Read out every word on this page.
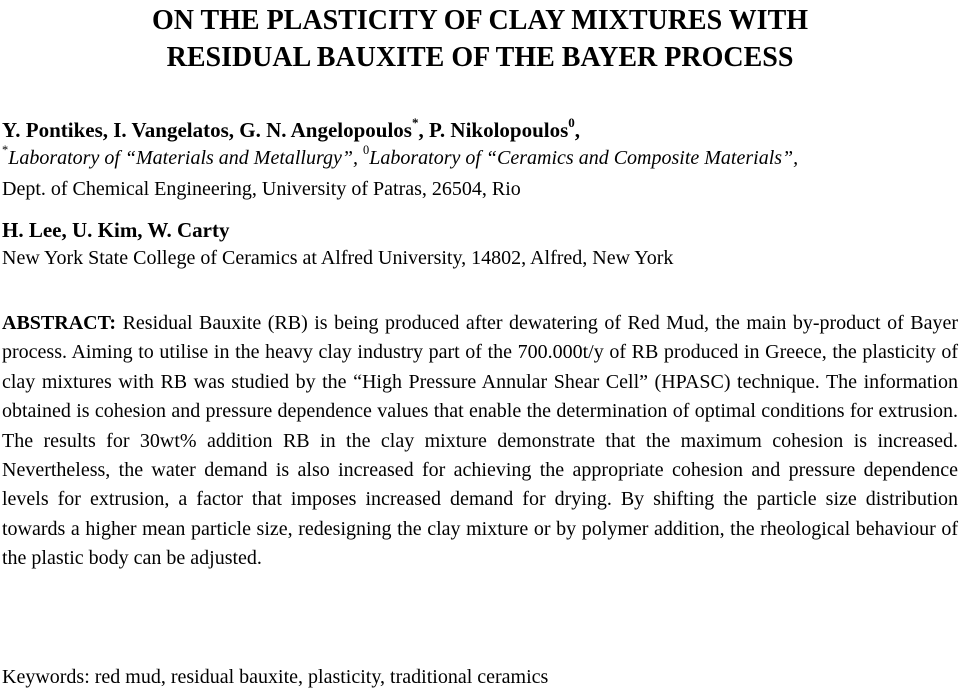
ON THE PLASTICITY OF CLAY MIXTURES WITH
RESIDUAL BAUXITE OF THE BAYER PROCESS

Y. Pontikes, I. Vangelatos, G. N. Angelopoulos*, P. Nikolopoulos$^0$,

*Laboratory of “Materials and Metallurgy”, $^0$Laboratory of “Ceramics and Composite Materials”,

Dept. of Chemical Engineering, University of Patras, 26504, Rio

H. Lee, U. Kim, W. Carty

New York State College of Ceramics at Alfred University, 14802, Alfred, New York

ABSTRACT: Residual Bauxite (RB) is being produced after dewatering of Red Mud, the main by-product of Bayer process. Aiming to utilise in the heavy clay industry part of the 700.000t/y of RB produced in Greece, the plasticity of clay mixtures with RB was studied by the “High Pressure Annular Shear Cell” (HPASC) technique. The information obtained is cohesion and pressure dependence values that enable the determination of optimal conditions for extrusion. The results for 30wt% addition RB in the clay mixture demonstrate that the maximum cohesion is increased. Nevertheless, the water demand is also increased for achieving the appropriate cohesion and pressure dependence levels for extrusion, a factor that imposes increased demand for drying. By shifting the particle size distribution towards a higher mean particle size, redesigning the clay mixture or by polymer addition, the rheological behaviour of the plastic body can be adjusted.

Keywords: red mud, residual bauxite, plasticity, traditional ceramics
